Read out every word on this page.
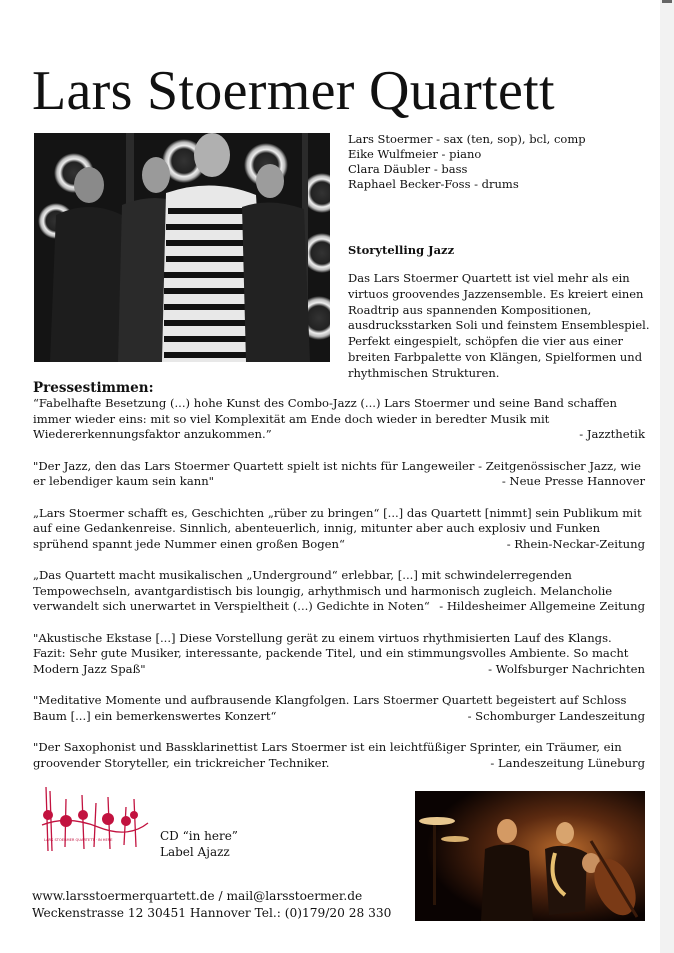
Lars Stoermer Quartett
Lars Stoermer - sax (ten, sop), bcl, comp
Eike Wulfmeier - piano
Clara Däubler - bass
Raphael Becker-Foss - drums
Storytelling Jazz
Das Lars Stoermer Quartett ist viel mehr als ein virtuos groovendes Jazzensemble. Es kreiert einen Roadtrip aus spannenden Kompositionen, ausdrucksstarken Soli und feinstem Ensemblespiel. Perfekt eingespielt, schöpfen die vier aus einer breiten Farbpalette von Klängen, Spielformen und rhythmischen Strukturen.
Pressestimmen:
“Fabelhafte Besetzung (...) hohe Kunst des Combo-Jazz (...) Lars Stoermer und seine Band schaffen immer wieder eins: mit so viel Komplexität am Ende doch wieder in beredter Musik mit Wiedererkennungsfaktor anzukommen.”	- Jazzthetik
"Der Jazz, den das Lars Stoermer Quartett spielt ist nichts für Langeweiler - Zeitgenössischer Jazz, wie er lebendiger kaum sein kann"	- Neue Presse Hannover
„Lars Stoermer schafft es, Geschichten „rüber zu bringen“ [...] das Quartett [nimmt] sein Publikum mit auf eine Gedankenreise. Sinnlich, abenteuerlich, innig, mitunter aber auch explosiv und Funken sprühend spannt jede Nummer einen großen Bogen“	- Rhein-Neckar-Zeitung
„Das Quartett macht musikalischen „Underground“ erlebbar, [...] mit schwindelerregenden Tempowechseln, avantgardistisch bis loungig, arhythmisch und harmonisch zugleich. Melancholie verwandelt sich unerwartet in Verspieltheit (...) Gedichte in Noten“ - Hildesheimer Allgemeine Zeitung
"Akustische Ekstase [...] Diese Vorstellung gerät zu einem virtuos rhythmisierten Lauf des Klangs. Fazit: Sehr gute Musiker, interessante, packende Titel, und ein stimmungsvolles Ambiente. So macht Modern Jazz Spaß"	- Wolfsburger Nachrichten
"Meditative Momente und aufbrausende Klangfolgen. Lars Stoermer Quartett begeistert auf Schloss Baum [...] ein bemerkenswertes Konzert“	- Schomburger Landeszeitung
"Der Saxophonist und Bassklarinettist Lars Stoermer ist ein leichtfüßiger Sprinter, ein Träumer, ein groovender Storyteller, ein trickreicher Techniker.	- Landeszeitung Lüneburg
LARS STOERMER QUARTETT · IN HERE	CD “in here”
Label Ajazz
www.larsstoermerquartett.de / mail@larsstoermer.de
Weckenstrasse 12 30451 Hannover Tel.: (0)179/20 28 330
